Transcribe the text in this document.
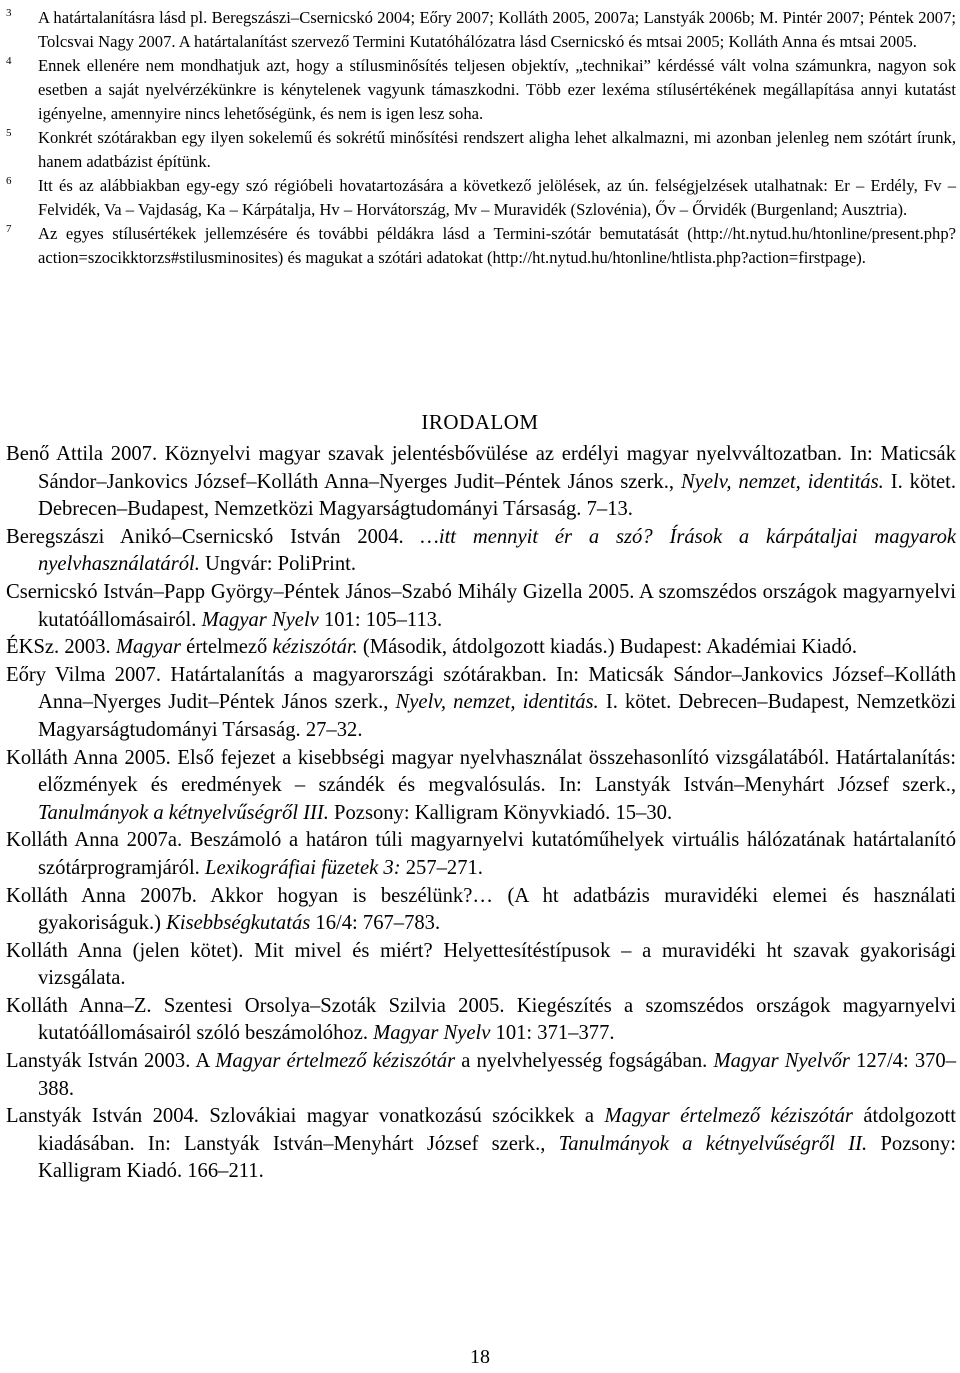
3 A határtalanításra lásd pl. Beregszászi–Csernicskó 2004; Eőry 2007; Kolláth 2005, 2007a; Lanstyák 2006b; M. Pintér 2007; Péntek 2007; Tolcsvai Nagy 2007. A határtalanítást szervező Termini Kutatóhálózatra lásd Csernicskó és mtsai 2005; Kolláth Anna és mtsai 2005.

4 Ennek ellenére nem mondhatjuk azt, hogy a stílusminősítés teljesen objektív, „technikai” kérdéssé vált volna számunkra, nagyon sok esetben a saját nyelvérzékünkre is kénytelenek vagyunk támaszkodni. Több ezer lexéma stílusértékének megállapítása annyi kutatást igényelne, amennyire nincs lehetőségünk, és nem is igen lesz soha.

5 Konkrét szótárakban egy ilyen sokelemű és sokrétű minősítési rendszert aligha lehet alkalmazni, mi azonban jelenleg nem szótárt írunk, hanem adatbázist építünk.

6 Itt és az alábbiakban egy-egy szó régióbeli hovatartozására a következő jelölések, az ún. felségjelzések utalhatnak: Er – Erdély, Fv – Felvidék, Va – Vajdaság, Ka – Kárpátalja, Hv – Horvátország, Mv – Muravidék (Szlovénia), Őv – Őrvidék (Burgenland; Ausztria).

7 Az egyes stílusértékek jellemzésére és további példákra lásd a Termini-szótár bemutatását (http://ht.nytud.hu/htonline/present.php?action=szocikktorzs#stilusminosites) és magukat a szótári adatokat (http://ht.nytud.hu/htonline/htlista.php?action=firstpage).

IRODALOM

Benő Attila 2007. Köznyelvi magyar szavak jelentésbővülése az erdélyi magyar nyelvváltozatban. In: Maticsák Sándor–Jankovics József–Kolláth Anna–Nyerges Judit–Péntek János szerk., Nyelv, nemzet, identitás. I. kötet. Debrecen–Budapest, Nemzetközi Magyarságtudományi Társaság. 7–13.

Beregszászi Anikó–Csernicskó István 2004. …itt mennyit ér a szó? Írások a kárpátaljai magyarok nyelvhasználatáról. Ungvár: PoliPrint.

Csernicskó István–Papp György–Péntek János–Szabó Mihály Gizella 2005. A szomszédos országok magyarnyelvi kutatóállomásairól. Magyar Nyelv 101: 105–113.

ÉKSz. 2003. Magyar értelmező kéziszótár. (Második, átdolgozott kiadás.) Budapest: Akadémiai Kiadó.

Eőry Vilma 2007. Határtalanítás a magyarországi szótárakban. In: Maticsák Sándor–Jankovics József–Kolláth Anna–Nyerges Judit–Péntek János szerk., Nyelv, nemzet, identitás. I. kötet. Debrecen–Budapest, Nemzetközi Magyarságtudományi Társaság. 27–32.

Kolláth Anna 2005. Első fejezet a kisebbségi magyar nyelvhasználat összehasonlító vizsgálatából. Határtalanítás: előzmények és eredmények – szándék és megvalósulás. In: Lanstyák István–Menyhárt József szerk., Tanulmányok a kétnyelvűségről III. Pozsony: Kalligram Könyvkiadó. 15–30.

Kolláth Anna 2007a. Beszámoló a határon túli magyarnyelvi kutatóműhelyek virtuális hálózatának határtalanító szótárprogramjáról. Lexikográfiai füzetek 3: 257–271.

Kolláth Anna 2007b. Akkor hogyan is beszélünk?… (A ht adatbázis muravidéki elemei és használati gyakoriságuk.) Kisebbségkutatás 16/4: 767–783.

Kolláth Anna (jelen kötet). Mit mivel és miért? Helyettesítéstípusok – a muravidéki ht szavak gyakorisági vizsgálata.

Kolláth Anna–Z. Szentesi Orsolya–Szoták Szilvia 2005. Kiegészítés a szomszédos országok magyarnyelvi kutatóállomásairól szóló beszámolóhoz. Magyar Nyelv 101: 371–377.

Lanstyák István 2003. A Magyar értelmező kéziszótár a nyelvhelyesség fogságában. Magyar Nyelvőr 127/4: 370–388.

Lanstyák István 2004. Szlovákiai magyar vonatkozású szócikkek a Magyar értelmező kéziszótár átdolgozott kiadásában. In: Lanstyák István–Menyhárt József szerk., Tanulmányok a kétnyelvűségről II. Pozsony: Kalligram Kiadó. 166–211.

18
